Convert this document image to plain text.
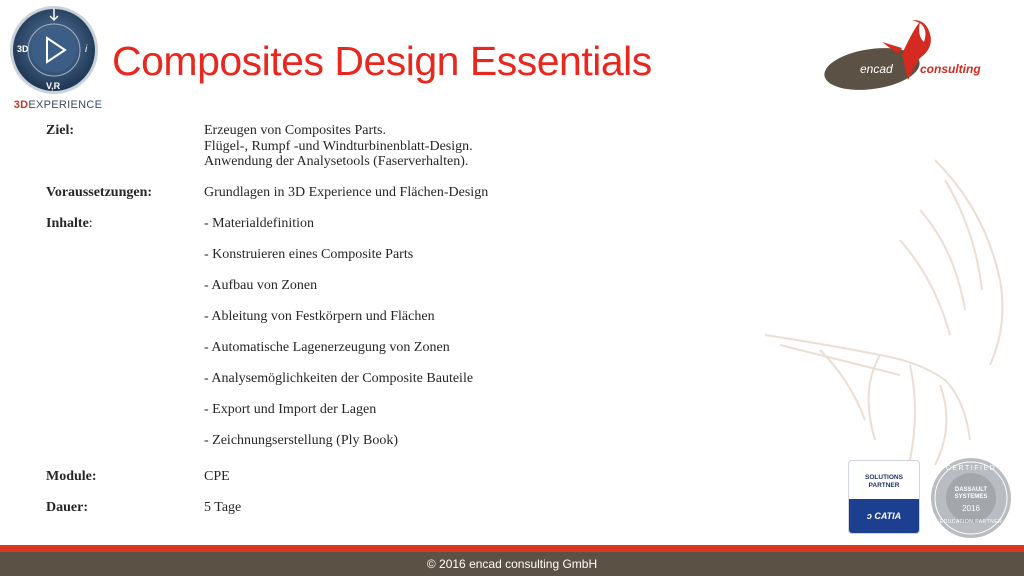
3D	i
V,R
3DEXPERIENCE
Composites Design Essentials	encad consulting
Ziel:	Erzeugen von Composites Parts.
Flügel-, Rumpf -und Windturbinenblatt-Design.
Anwendung der Analysetools (Faserverhalten).
Voraussetzungen:	Grundlagen in 3D Experience und Flächen-Design
Inhalte:	- Materialdefinition
- Konstruieren eines Composite Parts
- Aufbau von Zonen
- Ableitung von Festkörpern und Flächen
- Automatische Lagenerzeugung von Zonen
- Analysemöglichkeiten der Composite Bauteile
- Export und Import der Lagen
- Zeichnungserstellung (Ply Book)
Module:	CPE
Dauer:	5 Tage
SOLUTIONS
PARTNER
ↄ CATIA
CERTIFIED
DASSAULT
SYSTEMES
2016
EDUCATION PARTNER
© 2016 encad consulting GmbH
